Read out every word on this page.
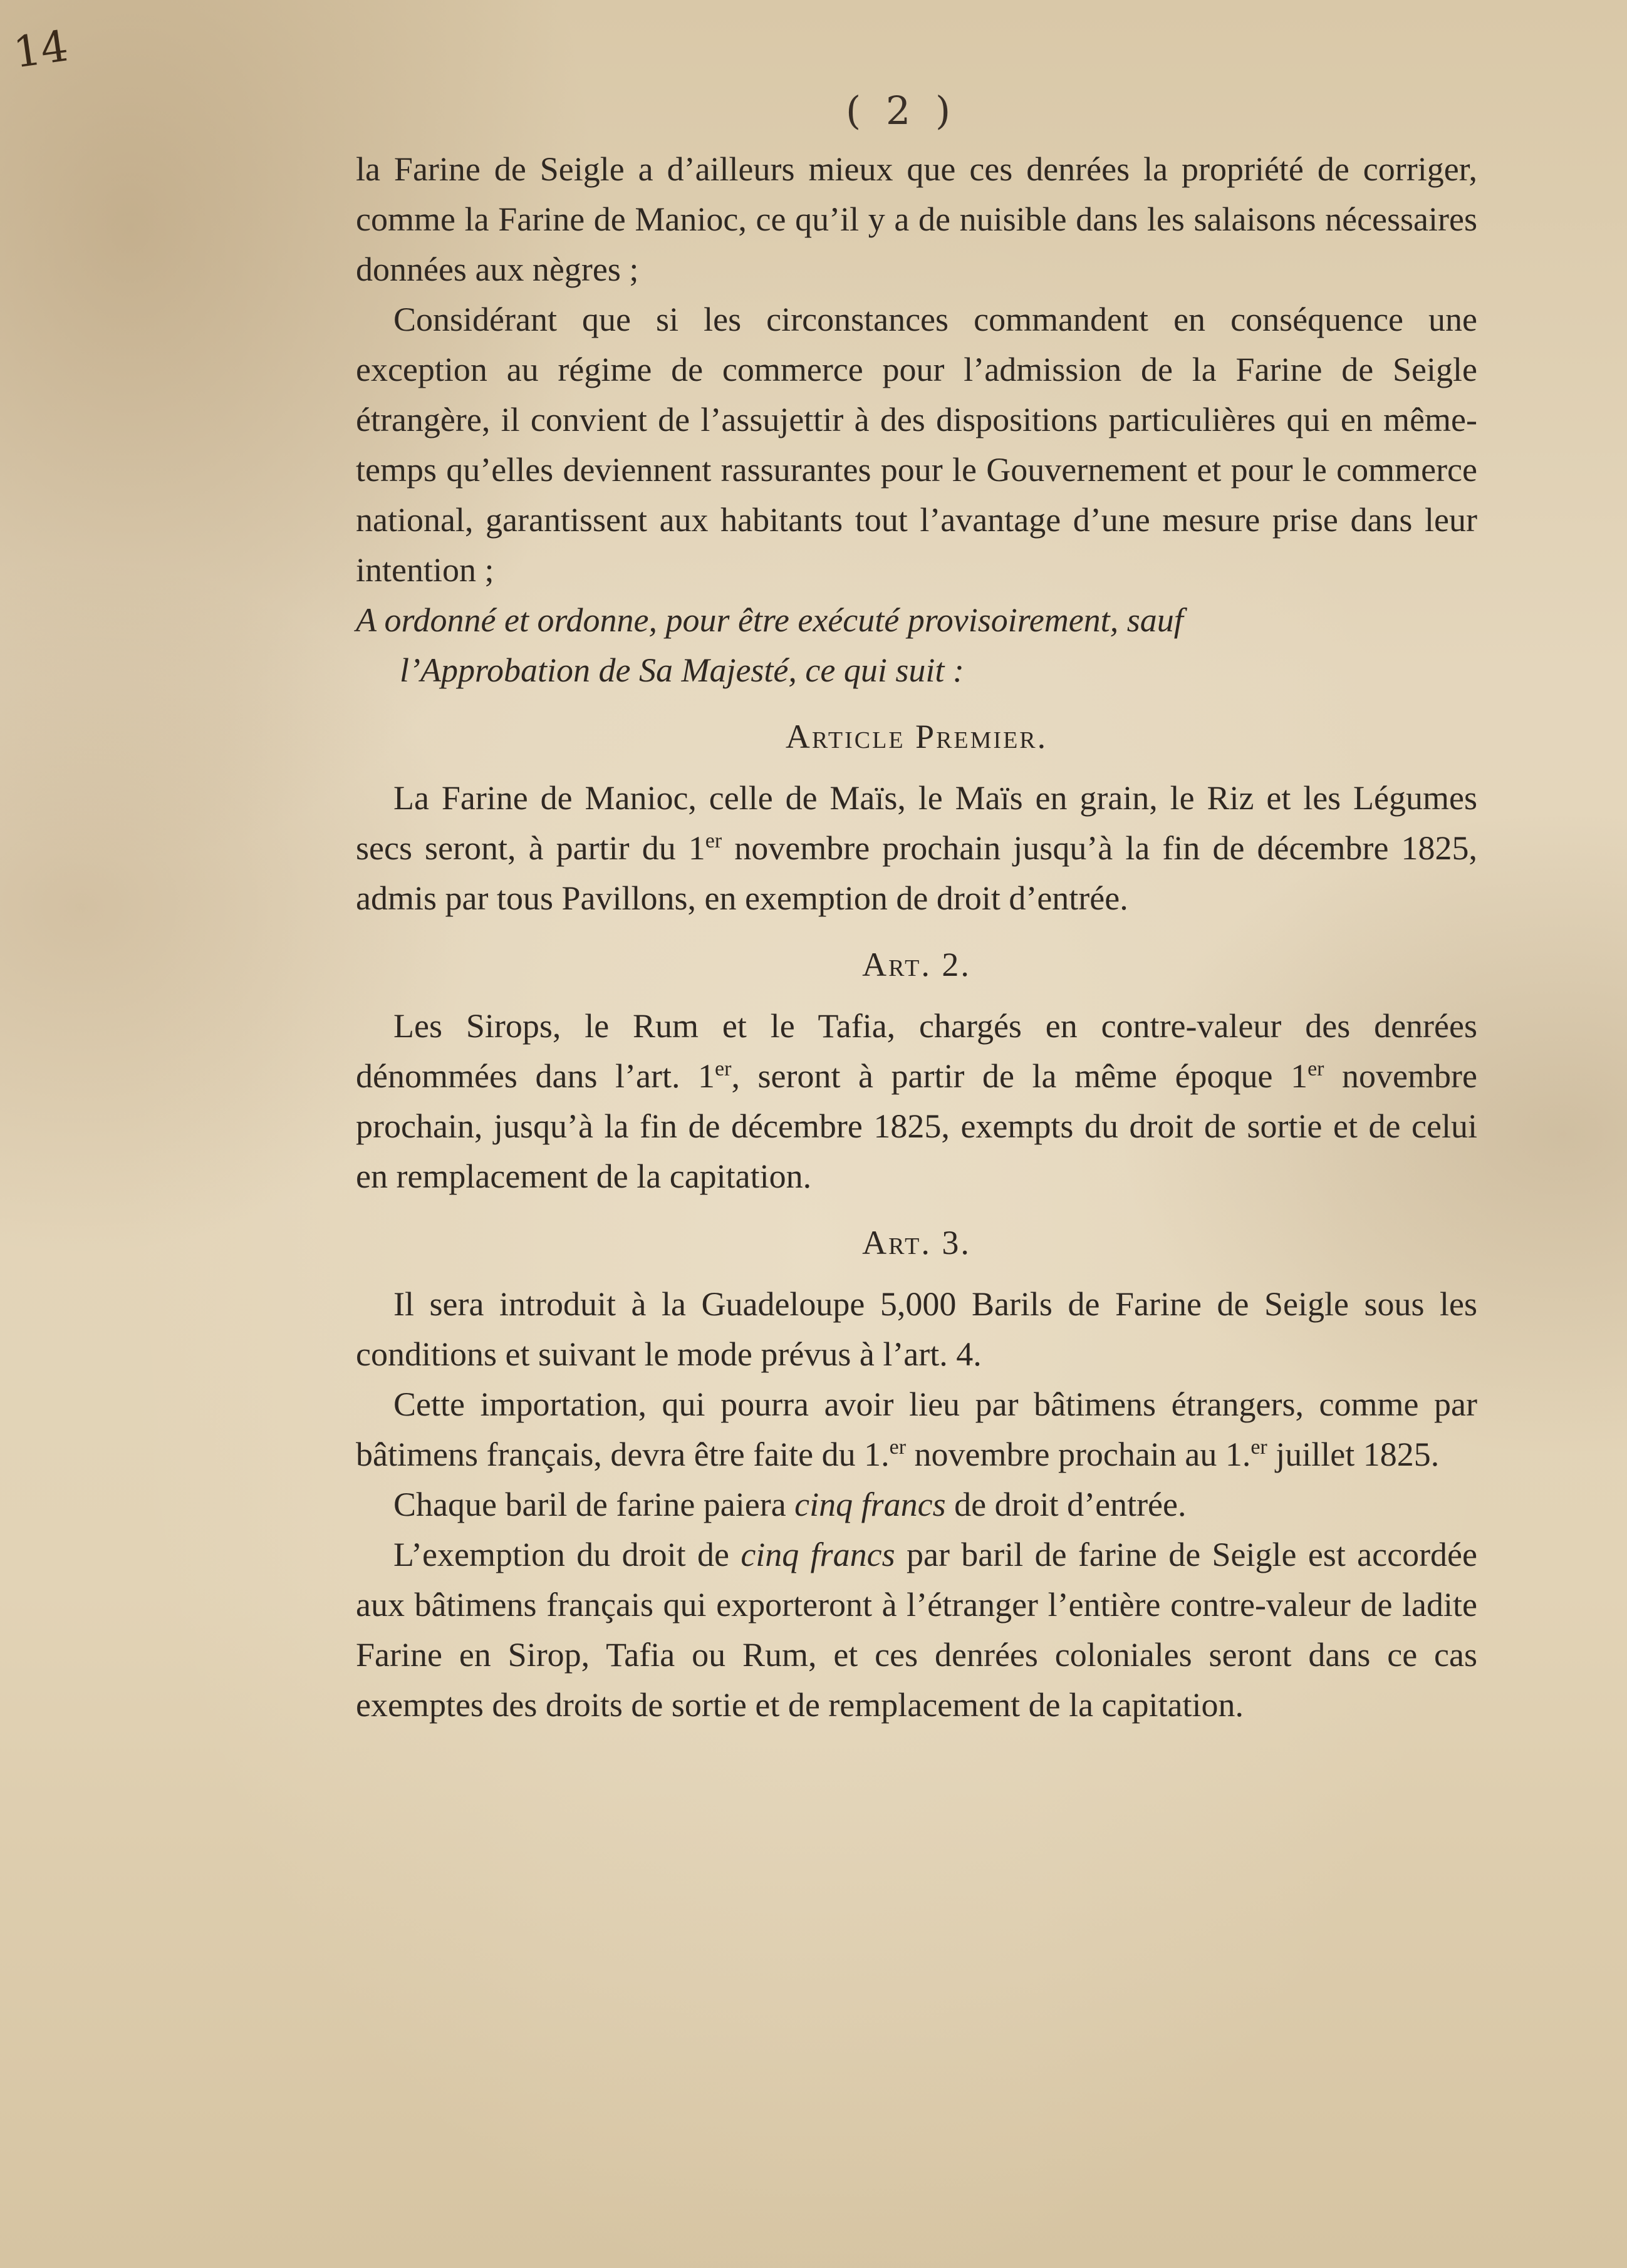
14
( 2 )

la Farine de Seigle a d’ailleurs mieux que ces denrées la propriété de corriger, comme la Farine de Manioc, ce qu’il y a de nuisible dans les salaisons nécessaires données aux nègres ;

Considérant que si les circonstances commandent en conséquence une exception au régime de commerce pour l’admission de la Farine de Seigle étrangère, il convient de l’assujettir à des dispositions particulières qui en même-temps qu’elles deviennent rassurantes pour le Gouvernement et pour le commerce national, garantissent aux habitants tout l’avantage d’une mesure prise dans leur intention ;

A ordonné et ordonne, pour être exécuté provisoirement, sauf
l’Approbation de Sa Majesté, ce qui suit :

Article Premier.

La Farine de Manioc, celle de Maïs, le Maïs en grain, le Riz et les Légumes secs seront, à partir du 1er novembre prochain jusqu’à la fin de décembre 1825, admis par tous Pavillons, en exemption de droit d’entrée.

Art. 2.

Les Sirops, le Rum et le Tafia, chargés en contre-valeur des denrées dénommées dans l’art. 1er, seront à partir de la même époque 1er novembre prochain, jusqu’à la fin de décembre 1825, exempts du droit de sortie et de celui en remplacement de la capitation.

Art. 3.

Il sera introduit à la Guadeloupe 5,000 Barils de Farine de Seigle sous les conditions et suivant le mode prévus à l’art. 4.

Cette importation, qui pourra avoir lieu par bâtimens étrangers, comme par bâtimens français, devra être faite du 1.$^{er}$ novembre prochain au 1.$^{er}$ juillet 1825.

Chaque baril de farine paiera cinq francs de droit d’entrée.

L’exemption du droit de cinq francs par baril de farine de Seigle est accordée aux bâtimens français qui exporteront à l’étranger l’entière contre-valeur de ladite Farine en Sirop, Tafia ou Rum, et ces denrées coloniales seront dans ce cas exemptes des droits de sortie et de remplacement de la capitation.
